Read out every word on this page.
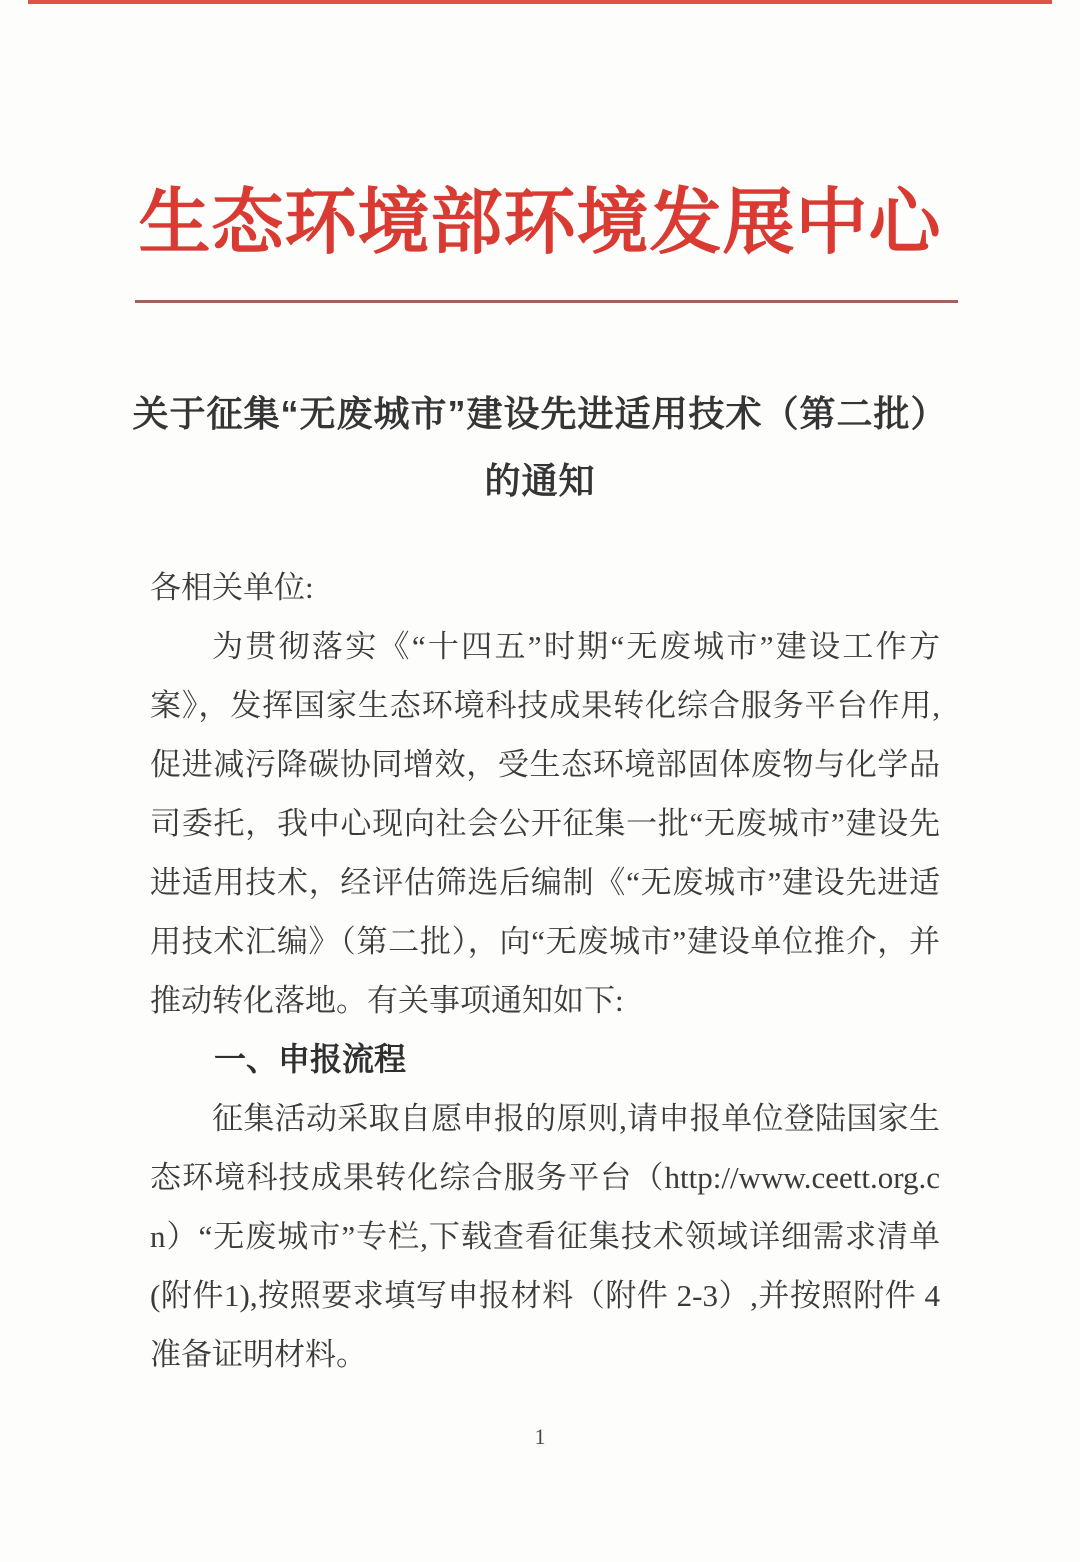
生态环境部环境发展中心
关于征集“无废城市”建设先进适用技术（第二批）
的通知

各相关单位:

为贯彻落实《“十四五”时期“无废城市”建设工作方案》，发挥国家生态环境科技成果转化综合服务平台作用,促进减污降碳协同增效，受生态环境部固体废物与化学品司委托，我中心现向社会公开征集一批“无废城市”建设先进适用技术，经评估筛选后编制《“无废城市”建设先进适用技术汇编》（第二批），向“无废城市”建设单位推介，并推动转化落地。有关事项通知如下:

一、申报流程

征集活动采取自愿申报的原则,请申报单位登陆国家生态环境科技成果转化综合服务平台（http://www.ceett.org.cn）“无废城市”专栏,下载查看征集技术领域详细需求清单(附件1),按照要求填写申报材料（附件 2-3）,并按照附件 4 准备证明材料。

1
